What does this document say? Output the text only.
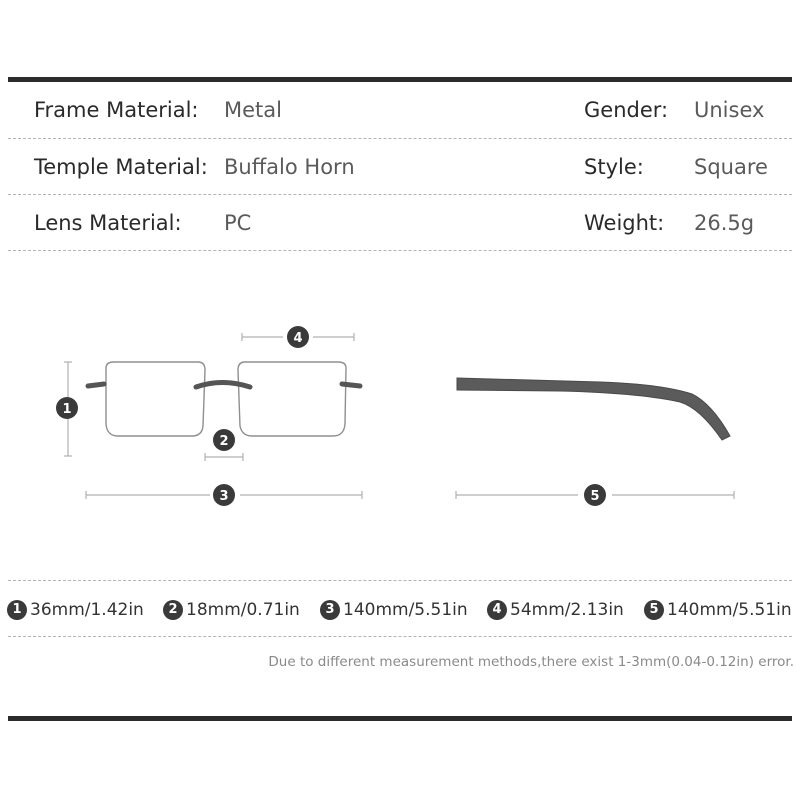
Frame Material: Metal	Gender: Unisex
Temple Material: Buffalo Horn	Style: Square
Lens Material: PC	Weight: 26.5g
1
2
3
4
5
1 36mm/1.42in	2 18mm/0.71in	3 140mm/5.51in	4 54mm/2.13in	5 140mm/5.51in
Due to different measurement methods,there exist 1-3mm(0.04-0.12in) error.
